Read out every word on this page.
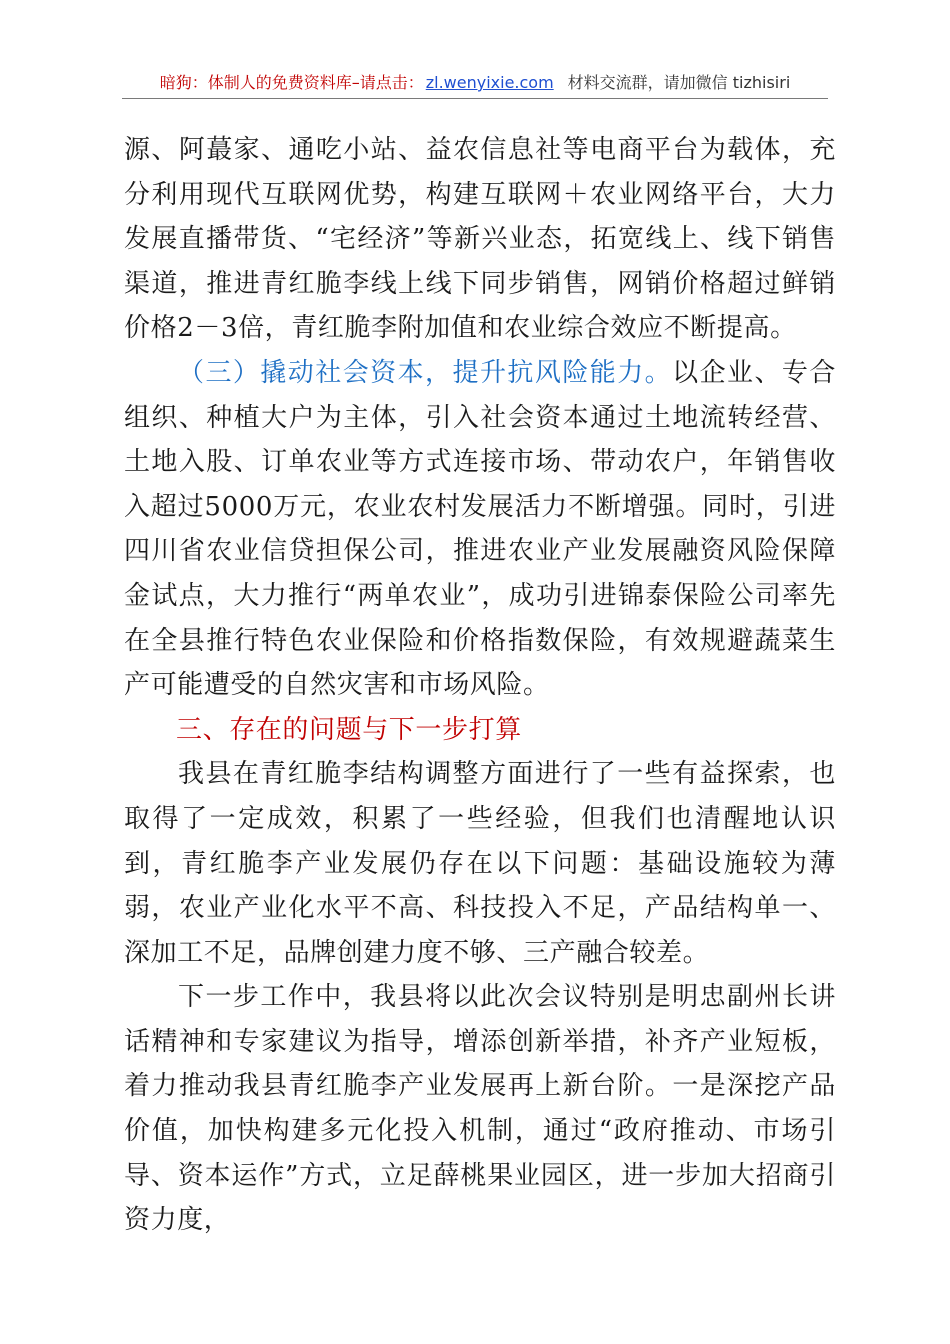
暗狗：体制人的免费资料库–请点击： zl.wenyixie.com 材料交流群，请加微信 tizhisiri

源、阿蕞家、通吃小站、益农信息社等电商平台为载体，充分利用现代互联网优势，构建互联网＋农业网络平台，大力发展直播带货、“宅经济”等新兴业态，拓宽线上、线下销售渠道，推进青红脆李线上线下同步销售，网销价格超过鲜销价格2－3倍，青红脆李附加值和农业综合效应不断提高。

（三）撬动社会资本，提升抗风险能力。以企业、专合组织、种植大户为主体，引入社会资本通过土地流转经营、土地入股、订单农业等方式连接市场、带动农户，年销售收入超过5000万元，农业农村发展活力不断增强。同时，引进四川省农业信贷担保公司，推进农业产业发展融资风险保障金试点，大力推行“两单农业”，成功引进锦泰保险公司率先在全县推行特色农业保险和价格指数保险，有效规避蔬菜生产可能遭受的自然灾害和市场风险。

三、存在的问题与下一步打算

我县在青红脆李结构调整方面进行了一些有益探索，也取得了一定成效，积累了一些经验，但我们也清醒地认识到，青红脆李产业发展仍存在以下问题：基础设施较为薄弱，农业产业化水平不高、科技投入不足，产品结构单一、深加工不足，品牌创建力度不够、三产融合较差。

下一步工作中，我县将以此次会议特别是明忠副州长讲话精神和专家建议为指导，增添创新举措，补齐产业短板，着力推动我县青红脆李产业发展再上新台阶。一是深挖产品价值，加快构建多元化投入机制，通过“政府推动、市场引导、资本运作”方式，立足薛桃果业园区，进一步加大招商引资力度，
